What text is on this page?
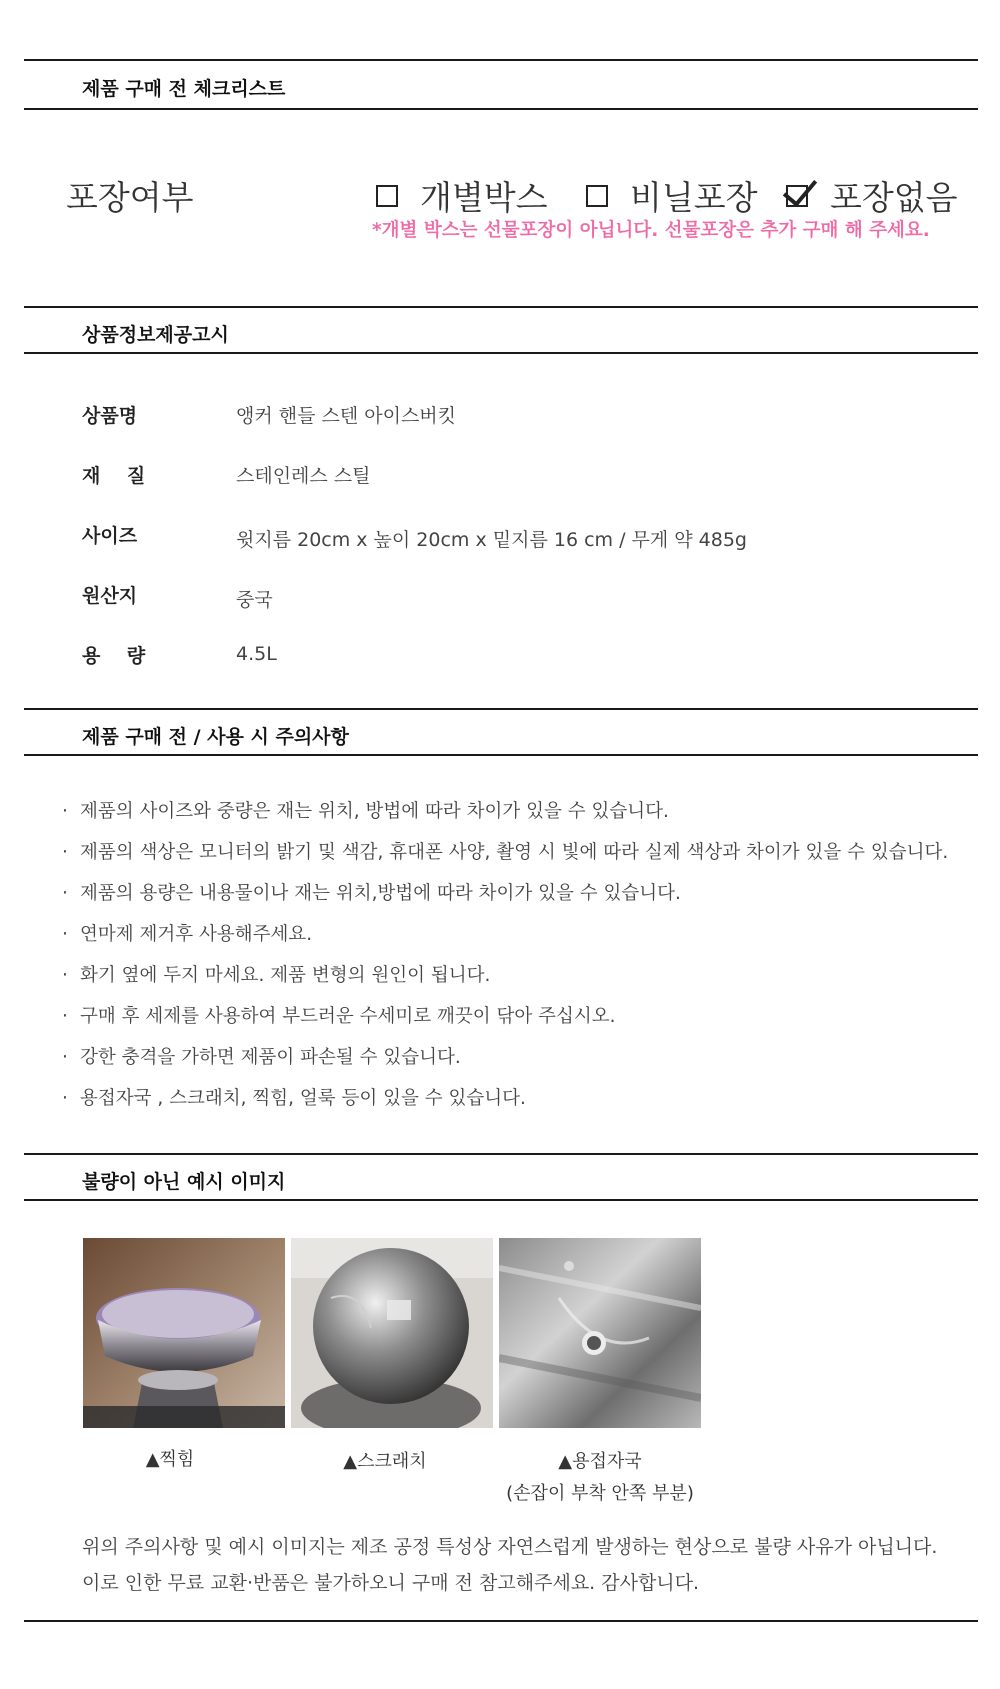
제품 구매 전 체크리스트
포장여부	개별박스 비닐포장 포장없음
*개별 박스는 선물포장이 아닙니다. 선물포장은 추가 구매 해 주세요.
상품정보제공고시
상품명	앵커 핸들 스텐 아이스버킷
재    질	스테인레스 스틸
사이즈	윗지름 20cm x 높이 20cm x 밑지름 16 cm / 무게 약 485g
원산지	중국
용    량	4.5L
제품 구매 전 / 사용 시 주의사항
· 제품의 사이즈와 중량은 재는 위치, 방법에 따라 차이가 있을 수 있습니다.
· 제품의 색상은 모니터의 밝기 및 색감, 휴대폰 사양, 촬영 시 빛에 따라 실제 색상과 차이가 있을 수 있습니다.
· 제품의 용량은 내용물이나 재는 위치,방법에 따라 차이가 있을 수 있습니다.
· 연마제 제거후 사용해주세요.
· 화기 옆에 두지 마세요. 제품 변형의 원인이 됩니다.
· 구매 후 세제를 사용하여 부드러운 수세미로 깨끗이 닦아 주십시오.
· 강한 충격을 가하면 제품이 파손될 수 있습니다.
· 용접자국 , 스크래치, 찍힘, 얼룩 등이 있을 수 있습니다.
불량이 아닌 예시 이미지
▲찍힘	▲스크래치	▲용접자국
(손잡이 부착 안쪽 부분)
위의 주의사항 및 예시 이미지는 제조 공정 특성상 자연스럽게 발생하는 현상으로 불량 사유가 아닙니다.
이로 인한 무료 교환·반품은 불가하오니 구매 전 참고해주세요. 감사합니다.
